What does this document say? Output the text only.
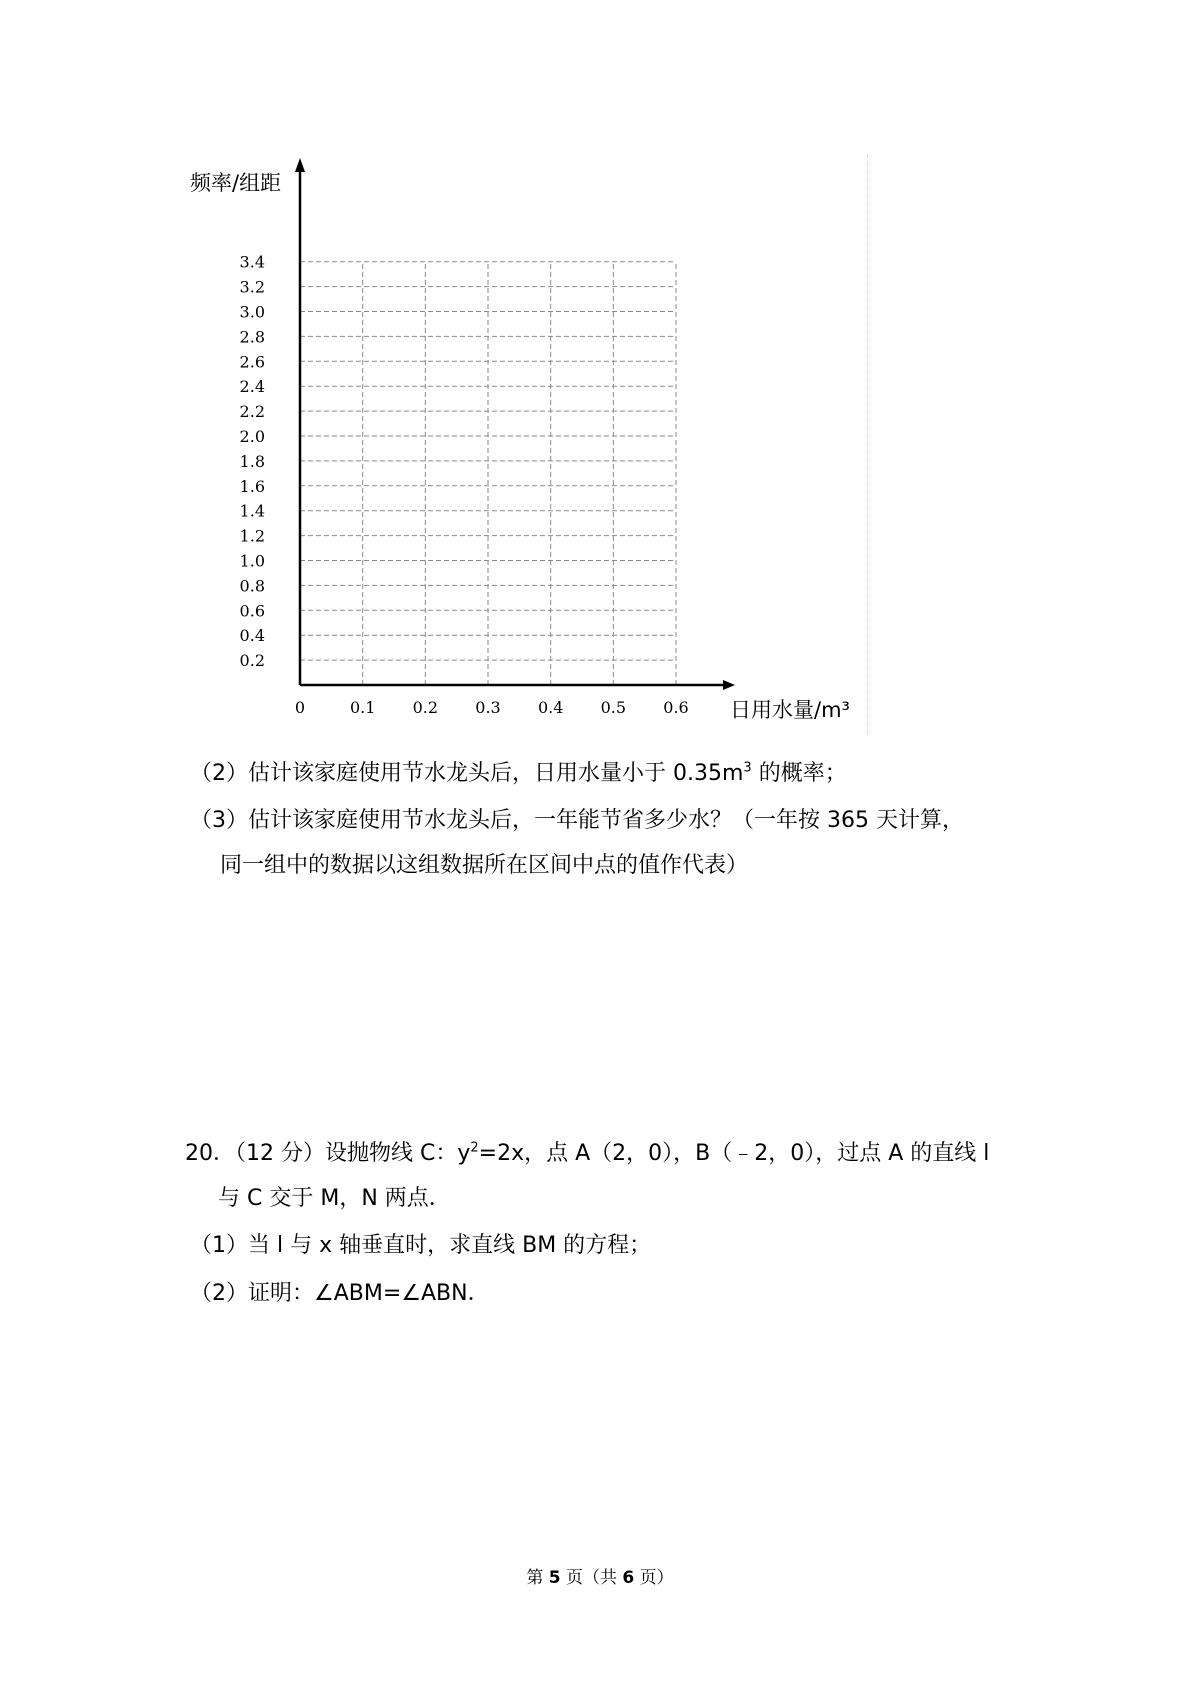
0.2
0.4
0.6
0.8
1.0
1.2
1.4
1.6
1.8
2.0
2.2
2.4
2.6
2.8
3.0
3.2
3.4
0	0.1 0.2 0.3 0.4 0.5 0.6
频率/组距
日用水量/m³
（2）估计该家庭使用节水龙头后，日用水量小于 $0.35m^3$ 的概率；
（3）估计该家庭使用节水龙头后，一年能节省多少水？（一年按 365 天计算，
同一组中的数据以这组数据所在区间中点的值作代表）
20．（12 分）设抛物线 C：$y^2=2x$，点 A（2，0），B（﹣2，0），过点 A 的直线 l
与 C 交于 M，N 两点．
（1）当 l 与 x 轴垂直时，求直线 BM 的方程；
（2）证明：∠ABM=∠ABN．
第 5 页（共 6 页）
